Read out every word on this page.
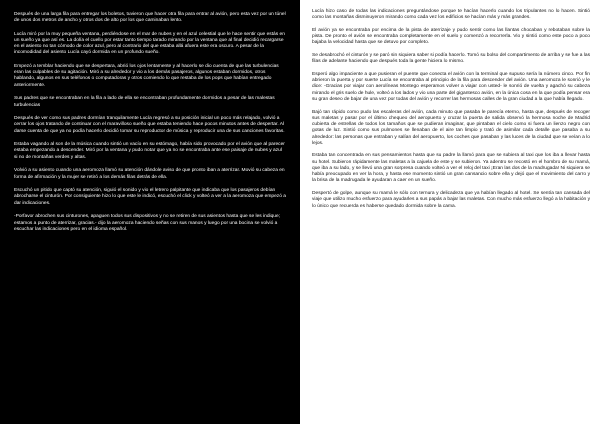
Después de una larga fila para entregar los boletos, tuvieron que hacer otra fila para entrar al avión, pero esta vez por un túnel de unos dos metros de ancho y otros dos de alto por los que caminaban lento.

Lucía miró por la muy pequeña ventana, perdiéndose en el mar de nubes y en el azul celestial que le hace sentir que estás en un sueño ya que así es. La dolía el cuello por estar tanto tiempo tarado mirando por la ventana que al final decidió recargarse en el asiento no tan cómodo de color azul, pero al contrario del que estaba allá afuera este era oscuro. A pesar de la incomodidad del asiento Lucía cayó dormida en un profundo sueño.

Empezó a temblar haciendo que se despertara, abrió los ojos lentamente y al hacerlo se dio cuenta de que las turbulencias eran las culpables de su agitación. Miró a su alrededor y vio a los demás pasajeros, algunos estaban dormidos, otros hablando, algunos en sus teléfonos o computadoras y otros comiendo lo que restaba de los pops que habían entregado anteriormente.

Sus padres que se encontraban en la fila a lado de ella se encontraban profundamente dormidos a pesar de las malestas turbulencias

Después de ver como sus padres dormían tranquilamente Lucía regresó a su posición inicial un poco más relajado, volvió a cerrar los ojos tratando de continuar con el maravilloso sueño que estaba teniendo hace pocos minutos antes de despertar. Al darse cuenta de que ya no podía hacerlo decidió tomar su reproductor de música y reproducir una de sus canciones favoritas.

Estaba vagando al son de la música cuando sintió un vacío en su estómago, había sido provocado por el avión que al parecer estaba empezando a descender. Miró por la ventana y pudo notar que ya no se encontraba ante ese paisaje de nubes y azul si no de montañas verdes y altas.

Volvió a su asiento cuando una aeromoza llamó su atención dándole aviso de que pronto iban a aterrizar. Movió su cabeza en forma de afirmación y la mujer se retiró a los demás filas detrás de ella.

Escuchó un pitido que captó su atención, siguió el sonido y vio el letrero palpitante que indicaba que los pasajeros debían abrocharse el cinturón. Por consiguiente hizo lo que este le indicó, escuchó el click y volteó a ver a la aeromoza que empezó a dar indicaciones.

-Porfavor abrochen sus cinturones, apaguen todos sus dispositivos y no se retiren de sus asientos hasta que se les indique; estamos a punto de aterrizar, gracias.- dijo la aeromoza haciendo señas con sus manos y luego por una bocina se volvió a escuchar las indicaciones pero en el idioma español.

Lucía hizo caso de todas las indicaciones preguntándose porque te hacían hacerlo cuando los tripulantes no lo hacen. Sintió como las montañas disminuyeron mirando como cada vez los edificios se hacían más y más grandes.

El avión ya se encontraba por encima de la pista de aterrizaje y pudo sentir como las llantas chocaban y rebotaban sobre la pista. De pronto el avión se encontraba completamente en el suelo y comenzó a recorrerla. Vio y sintió como este poco a poco bajaba la velocidad hasta que se detuvo por completo.

Se desabrochó el cinturón y se paró sin siquiera saber si podía hacerlo. Tomó su bolso del compartimento de arriba y se fue a las filas de adelante haciendo que después toda la gente hiciera lo mismo.

Esperó algo impaciente a que pusieran el puente que conecta el avión con la terminal que supuso sería la número cinco. Por fin abrieron la puerta y por suerte Lucía se encontraba al principio de la fila para descender del avión. Una aeromoza le sonrió y le dice: -Gracias por viajar con aerolíneas Montego esperamos volver a viajar con usted- le sonrió de vuelta y agachó su cabeza mirando el gris suelo de hule, volteó a los lados y vio una parte del gigantesco avión, en la única cosa en la que podía pensar era su gran deseo de bajar de una vez por todas del avión y recorrer las hermosas calles de la gran ciudad a la que había llegado.

Bajó tan rápido como pudo las escaleras del avión, cada minuto que pasaba le parecía eterno, hasta que, después de recoger sus maletas y pasar por el último chequeo del aeropuerto y cruzar la puerta de salida observó la hermosa noche de Madrid cubierta de estrellas de todos los tamaños que se pudieran imaginar, que pintaban el cielo como si fuera un lienzo negro con gotas de luz. Sintió como sus pulmones se llenaban de el aire tan limpio y trató de asimilar cada detalle que pasaba a su alrededor: las personas que entraban y salían del aeropuerto, los coches que pasaban y las luces de la ciudad que se veían a lo lejos.

Estaba tan concentrada en sus pensamientos hasta que su padre la llamó para que se subiera al taxi que los iba a llevar hasta su hotel. Subieron rápidamente las maletas a la cajuela de este y se subieron. Ya adentro se recostó en el hombro de su mamá, que iba a su lado, y se llevó una gran sorpresa cuando volteó a ver el reloj del taxi ¡Eran las dos de la madrugada! Ni siquiera se había preocupado en ver la hora, y hasta ese momento sintió un gran cansancio sobre ella y dejó que el movimiento del carro y la brisa de la madrugada le ayudaran a caer en un sueño.

Despertó de golpe, aunque su mamá le sólo con ternura y delicadeza que ya habían llegado al hotel. Se sentía tan cansada del viaje que utilizo mucho esfuerzo para ayudarles a sus papás a bajar las maletas. Con mucho más esfuerzo llegó a la habitación y lo único que recuerda es haberse quedado dormida sobre la cama.
